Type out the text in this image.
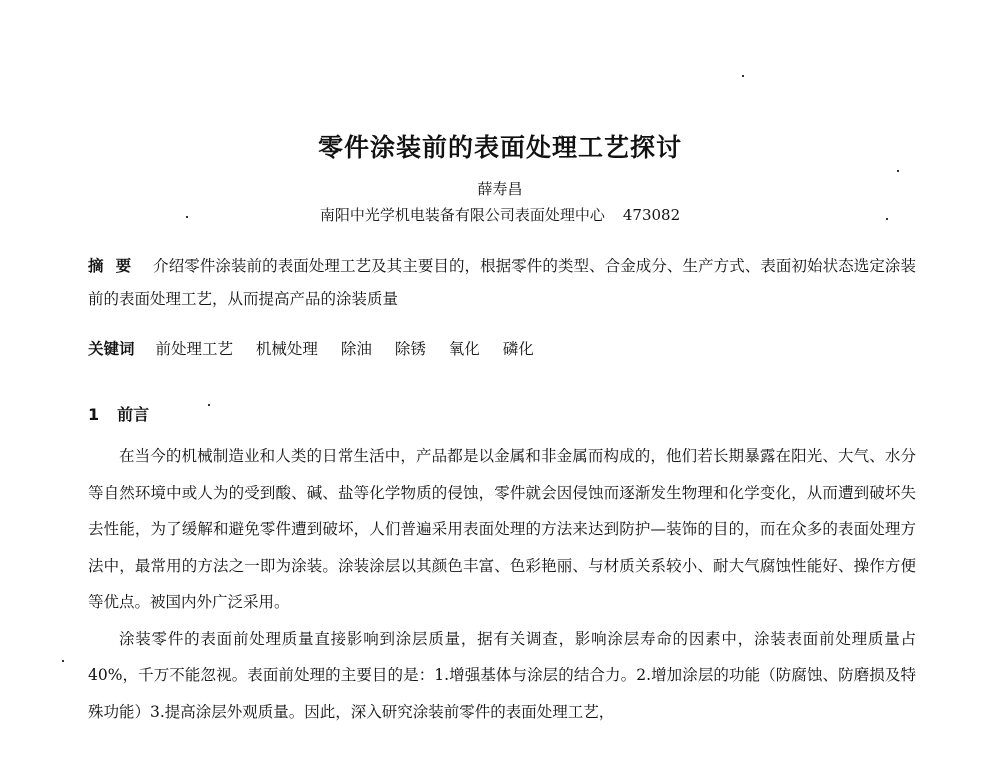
零件涂装前的表面处理工艺探讨
薛寿昌
南阳中光学机电装备有限公司表面处理中心 473082
摘要 介绍零件涂装前的表面处理工艺及其主要目的，根据零件的类型、合金成分、生产方式、表面初始状态选定涂装前的表面处理工艺，从而提高产品的涂装质量
关键词 前处理工艺 机械处理 除油 除锈 氧化 磷化
1 前言

在当今的机械制造业和人类的日常生活中，产品都是以金属和非金属而构成的，他们若长期暴露在阳光、大气、水分等自然环境中或人为的受到酸、碱、盐等化学物质的侵蚀，零件就会因侵蚀而逐渐发生物理和化学变化，从而遭到破坏失去性能，为了缓解和避免零件遭到破坏，人们普遍采用表面处理的方法来达到防护—装饰的目的，而在众多的表面处理方法中，最常用的方法之一即为涂装。涂装涂层以其颜色丰富、色彩艳丽、与材质关系较小、耐大气腐蚀性能好、操作方便等优点。被国内外广泛采用。

涂装零件的表面前处理质量直接影响到涂层质量，据有关调查，影响涂层寿命的因素中，涂装表面前处理质量占 40%，千万不能忽视。表面前处理的主要目的是：1.增强基体与涂层的结合力。2.增加涂层的功能（防腐蚀、防磨损及特殊功能）3.提高涂层外观质量。因此，深入研究涂装前零件的表面处理工艺，
